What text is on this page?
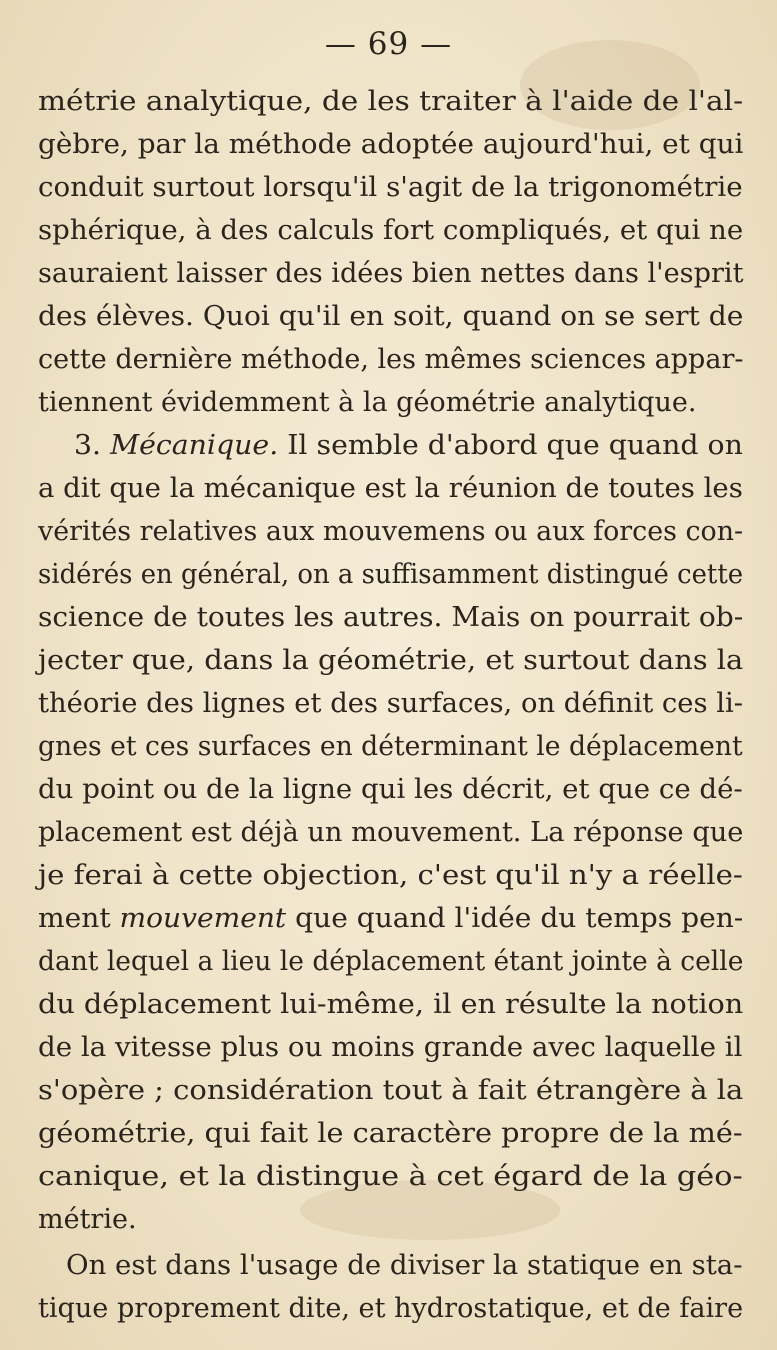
— 69 —
métrie analytique, de les traiter à l'aide de l'al-
gèbre, par la méthode adoptée aujourd'hui, et qui
conduit surtout lorsqu'il s'agit de la trigonométrie
sphérique, à des calculs fort compliqués, et qui ne
sauraient laisser des idées bien nettes dans l'esprit
des élèves. Quoi qu'il en soit, quand on se sert de
cette dernière méthode, les mêmes sciences appar-
tiennent évidemment à la géométrie analytique.
3. Mécanique. Il semble d'abord que quand on
a dit que la mécanique est la réunion de toutes les
vérités relatives aux mouvemens ou aux forces con-
sidérés en général, on a suffisamment distingué cette
science de toutes les autres. Mais on pourrait ob-
jecter que, dans la géométrie, et surtout dans la
théorie des lignes et des surfaces, on définit ces li-
gnes et ces surfaces en déterminant le déplacement
du point ou de la ligne qui les décrit, et que ce dé-
placement est déjà un mouvement. La réponse que
je ferai à cette objection, c'est qu'il n'y a réelle-
ment mouvement que quand l'idée du temps pen-
dant lequel a lieu le déplacement étant jointe à celle
du déplacement lui-même, il en résulte la notion
de la vitesse plus ou moins grande avec laquelle il
s'opère ; considération tout à fait étrangère à la
géométrie, qui fait le caractère propre de la mé-
canique, et la distingue à cet égard de la géo-
métrie.
On est dans l'usage de diviser la statique en sta-
tique proprement dite, et hydrostatique, et de faire
